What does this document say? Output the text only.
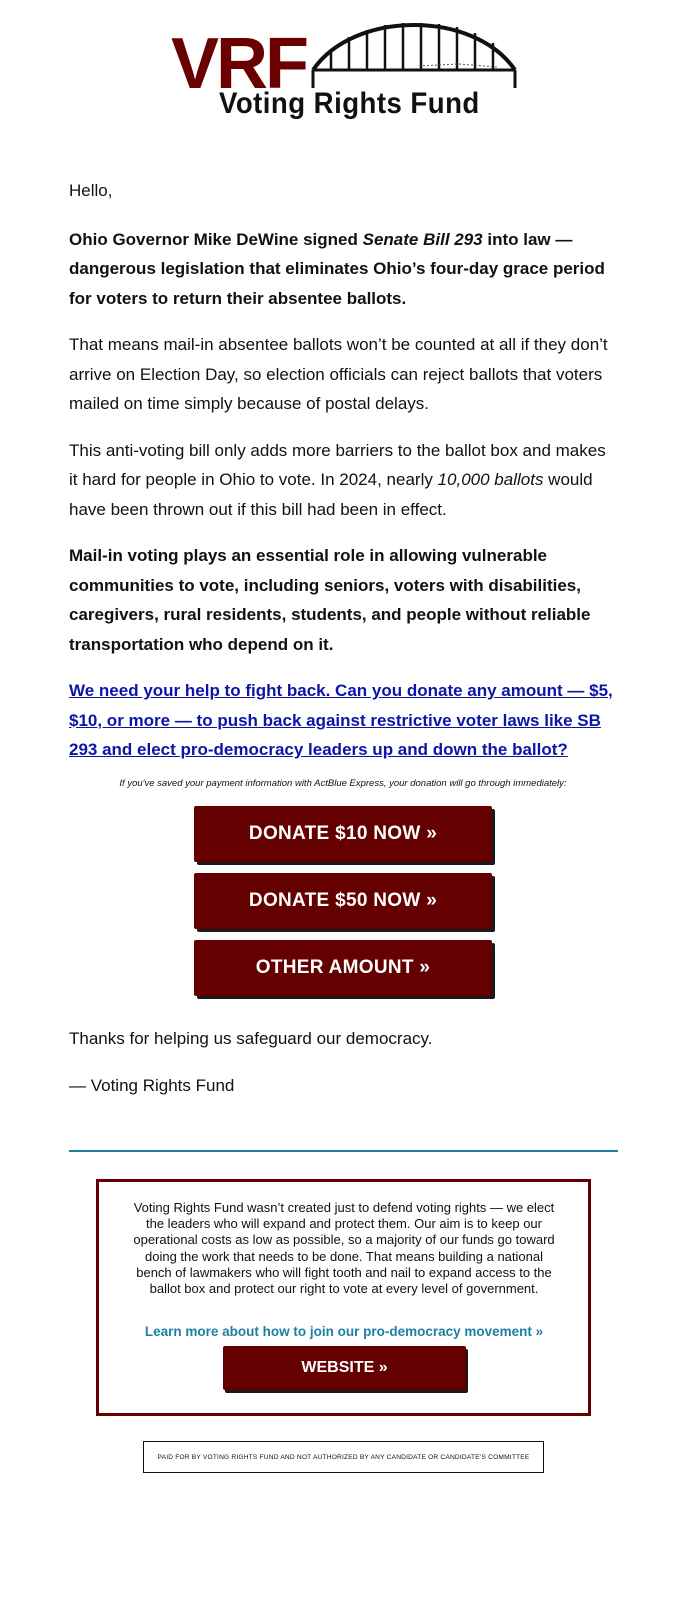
VRF
Voting Rights Fund

Hello,

Ohio Governor Mike DeWine signed Senate Bill 293 into law — dangerous legislation that eliminates Ohio’s four-day grace period for voters to return their absentee ballots.

That means mail-in absentee ballots won’t be counted at all if they don’t arrive on Election Day, so election officials can reject ballots that voters mailed on time simply because of postal delays.

This anti-voting bill only adds more barriers to the ballot box and makes it hard for people in Ohio to vote. In 2024, nearly 10,000 ballots would have been thrown out if this bill had been in effect.

Mail-in voting plays an essential role in allowing vulnerable communities to vote, including seniors, voters with disabilities, caregivers, rural residents, students, and people without reliable transportation who depend on it.

We need your help to fight back. Can you donate any amount — $5, $10, or more — to push back against restrictive voter laws like SB 293 and elect pro-democracy leaders up and down the ballot?

If you've saved your payment information with ActBlue Express, your donation will go through immediately:
DONATE $10 NOW »
DONATE $50 NOW »
OTHER AMOUNT »

Thanks for helping us safeguard our democracy.

— Voting Rights Fund

Voting Rights Fund wasn’t created just to defend voting rights — we elect the leaders who will expand and protect them. Our aim is to keep our operational costs as low as possible, so a majority of our funds go toward doing the work that needs to be done. That means building a national bench of lawmakers who will fight tooth and nail to expand access to the ballot box and protect our right to vote at every level of government.
Learn more about how to join our pro-democracy movement »
WEBSITE »
PAID FOR BY VOTING RIGHTS FUND AND NOT AUTHORIZED BY ANY CANDIDATE OR CANDIDATE’S COMMITTEE
